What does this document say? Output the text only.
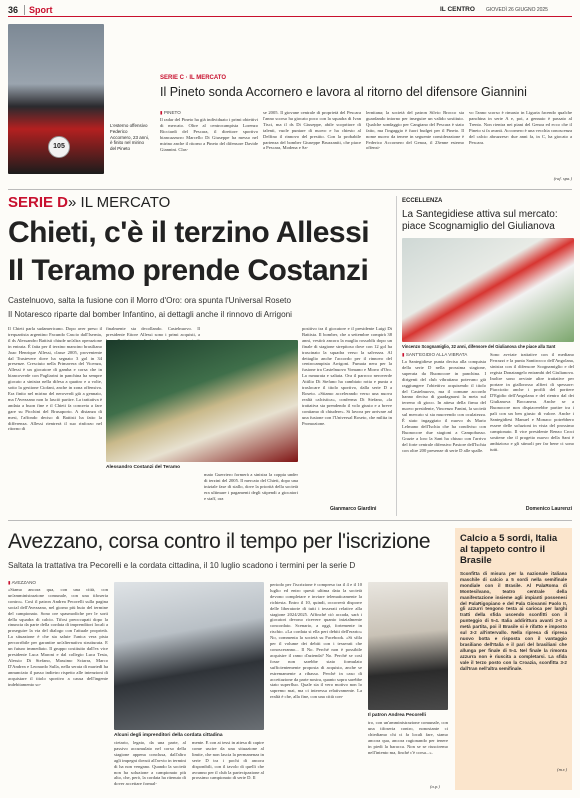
36	Sport	IL CENTRO GIOVEDÌ 26 GIUGNO 2025
105
L'esterno offensivo Federico Accornero, 23 anni, è finito nel mirino del Pineto
SERIE C · IL MERCATO
Il Pineto sonda Accornero e lavora al ritorno del difensore Giannini
▮ PINETO
Il radar del Pineto ha già individuato i primi obiettivi di mercato. Oltre al centrocampista Lorenzo Ricciardi del Pescara, il direttore sportivo biancazzurro Marcello Di Giuseppe ha messo nel mirino anche il ritorno a Pineto del difensore Davide Giannini. Clas-
se 2005. Il giovane centrale di proprietà del Pescara l'anno scorso ha giocato poco con la squadra di Ivan Tisci, ma il ds Di Giuseppe, abile scopritore di talenti, vuole puntare di nuovo e ha chiesto al Delfino il rinnovo del prestito. Con la probabile partenza del bomber Giuseppe Bruzzaniti, che piace a Pescara, Modena e Sa-
lernitana; la società del patron Silvio Brocco sta guardando intorno per inseguire un valido sostituto. Qualche sondaggio per Cangiano del Pescara è stato fatto, ma l'ingaggio è fuori budget per il Pineto. Il nome nuovo da tenere in seguente considerazione è Federico Accornero del Genoa, il 23enne esterno offensi-
vo l'anno scorso è rimasto in Liguria facendo qualche panchina in serie A e, poi, a gennaio è passato al Trento. Non rientra nei piani del Genoa ed ecco che il Pineto si fa avanti. Accornero è una vecchia conoscenza del calcio abruzzese: due anni fa, in C, ha giocato a Pescara.
(raf. spa.)
SERIE D» IL MERCATO
Chieti, c'è il terzino Allessi
Il Teramo prende Costanzi
Castelnuovo, salta la fusione con il Morro d'Oro: ora spunta l'Universal Roseto
Il Notaresco riparte dal bomber Infantino, ai dettagli anche il rinnovo di Arrigoni
Il Chieti parla sudamericano. Dopo aver preso il trequartista argentino Facundo Cascio dall'Isernia, il ds Alessandro Battisti chiude un'altra operazione in entrata. È fatta per il terzino mancino brasiliano Joao Henrique Allessi, classe 2005, proveniente dal Trastevere dove ha segnato 3 gol in 34 presenze. Cresciuto nella Primavera del Vicenza, Allessi è un giocatore di gamba e corsa che in biancoverde con Pagliarini in panchina ha sempre giocato a sinistra nella difesa a quattro e a volte, sotto la gestione Ciofani, anche in zona offensiva. Era finito nel mirino del neroverdi già a gennaio, ma l'Avezzano non lo lasciò partire. La trattativa è andata a buon fine e il Chieti fa concreta a fare gare su Picchini del Brusaporto. A distanza di mesi, l'affondo deciso di Battisti ha fatto la differenza. Allessi rientrerà il suo rinforzo nel ritorno di
finalmente sta decollando. Castelnuovo. Il presidente Ettore Allessi sono i primi acquisti, a
Alessandro Costanzi del Teramo
mato Guerriero formerà a sinistra la coppia under di terzini del 2005. Il mercato del Chieti, dopo una iniziale fase di stallo, dove la priorità della società era ultimare i pagamenti degli stipendi a giocatori e staff, ora
positivo tra il giocatore e il presidente Luigi Di Battista. Il bomber, che a settembre compirà 38 anni, vestirà ancora la maglia rossoblù dopo un finale di stagione strepitoso dove con 12 gol ha trascinato la squadra verso la salvezza. Al dettaglio anche l'accordo per il rinnovo del centrocampista Arrigoni. Fumata nera per la fusione tra Castelnuovo Vomano e Morro d'Oro. La rumurata e saltata. Ora il parroco neroverde Attilio Di Stefano ha cambiato rotta e punta a traslocare il titolo sportivo, dalla serie D a Roseto. «Stiamo accelerando verso una nuova realtà calcistica», conferma Di Stefano, «la trattativa sta prendendo il volo giusto e a breve contiamo di chiudere». Si lavora per arrivare ad una fusione con l'Universal Roseto, che milita in Promozione.
Gianmarco Giardini
ECCELLENZA
La Santegidiese attiva sul mercato: piace Scognamiglio del Giulianova
Vincenzo Scognamiglio, 32 anni, difensore del Giulianova che piace alla Sant
▮ SANT'EGIDIO ALLA VIBRATA
La Santegidiese punta decisa alla conquista della serie D nella prossima stagione, superata da Buonocore in panchina. I dirigenti del club vibratiano potevano già raggiungere l'obiettivo acquisendo il titolo del Castelnuovo, ma il comune accordo hanno deciso di guadagnarsi la meta sul terreno di gioco. In attesa della firma del nuovo presidente, Vincenzo Fanini, la società sul mercato si sta muovendo con oculatezza. È stato ingaggiato il nuovo ds Mario Lelmano dell'Ischia che ha condiviso con Buonocore due stagioni a Campobasso. Grazie a loro la Sant ha chiuso con l'arrivo del forte centrale difensivo Pastore dell'Ischia con oltre 200 presenze di serie D alle spalle.
Sono avviate trattative con il mediano Ferrazzi e la punta Santirocco dell'Angolana, sinistra con il difensore Scognamiglio e del regista Donatangelo entrambi del Giulianova. Inoltre sono avviate altre trattative per portare in giallorosso alfieri di spessore: Piacciotto anche i profili del portiere D'Egidio dell'Angolana e del rientro dal dei Giulianova Boccanera. Anche se a Buonocore non dispiacerebbe partire tra i pali con un ben giusto di valore. Anche i Santegidiesi Manuel e Monaco potrebbero essere delle soluzioni in vista del prossimo campionato. Il vice presidente Renzo Croci sostiene che il progetto nuovo della Sant è ambizioso e gli stimoli per far bene ci sono tutti.
Domenico Laurenzi
Avezzano, corsa contro il tempo per l'iscrizione
Saltata la trattativa tra Pecorelli e la cordata cittadina, il 10 luglio scadono i termini per la serie D
▮ AVEZZANO
«Siamo ancora qua, con una città, con un'amministrazione comunale, con una tifoseria contro». Così il patron Andrea Pecorelli sulla pagina social dell'Avezzano, nel giorno più buio del termine del campionato. Sono ore spasmodiche per le sorti della squadra di calcio. Tifosi preoccupati dopo la rinuncia da parte della cordata di imprenditori locali a proseguire la via del dialogo con l'attuale proprietà. La situazione è che sta salute l'unica vera pista percorribile per garantire un'alternativa strutturata. E un futuro immediato. Il gruppo costituito dall'ex vice presidente Luca Maroni e dal collegio Luca Testa, Alessio Di Stefano, Massimo Sciarra, Marco D'Andrea e Leonardo Sulla, nella serata di martedì ha annunciato il passo indietro rispetto alle intenzioni di acquistare il titolo sportivo a causa dell'ingente indebitamento so-
Alcuni degli imprenditori della cordata cittadina
cietario, legato, da una parte, al passivo accumulato nel corso della stagione appena conclusa, dall'altro agli impegni dovuti all'avvio in termini di ha non vengano. Quando la società non ha soluzione a campionato più alto, che, però, la cordata ha ritenuto di dover accettare formal-
mente. E con ai tessi in attesa di capire come uscire da una situazione al limite, che non lascia la permanenza in serie D tra i pochi di ancora disponibili, con il tavolo di quelli che avranno per il club la partecipazione al prossimo campionato di serie D. Il
periodo per l'iscrizione è compreso tra il 4 e il 10 luglio ed entro questi ultima data la società devono completare e inviare telematicamente la richiesta. Entro il 10, quindi, occorrerà disporre delle liberatorie di tutti i tesserati relative alla stagione 2024/2025. Affinché ciò accada, sarà i giocatori devono ricevere quanto inizialmente concordato. Scenario, a oggi, fortemente in rischio. «La cordata si ella peri debiti dell'erario» No, commenta la società su Facebook. «Si sfila per il volume dei debiti con i tesserati che conosceranno... Il No. Perché non è possibile acquisire il ramo d'azienda? No. Perché se così fosse non sarebbe stato formulato sufficientemente proposta di acquisto, anche se estremamente a ribasso. Perché in caso di accettazione da parte nostra, quanto sopra sarebbe stato superfluo. Quale sia il vero motivo non lo sapremo mai, ma ci interessa relativamente. La realtà è che, alla fine, con una città con-
Il patron Andrea Pecorelli
tro, con un'amministrazione comunale, con una tifoseria contro, nonostante ci chiediamo chi ci fa locali fare, siamo ancora qua, ancora ragionando per tenere in piedi la baracca. Non se se riusciremo nell'intento ma, finché c'è corsa...».
(a.p.)
Calcio a 5 sordi, Italia al tappeto contro il Brasile
Sconfitta di misura per la nazionale italiana maschile di calcio a 5 sordi nella semifinale mondiale con il Brasile. Al PalaRoma di Montesilvano, teatro centrale della manifestazione insieme agli impianti possenesi del PalaRigopiano e del Pala Giovanni Paolo II, gli azzurri tengono testa ai carioca per larghi tratti della sfida uscendo sconfitti con il punteggio di 5-4. Italia addirittura avanti 2-0 a metà partita, poi il Brasile si è rifatto e imposto sul 3-2 all'intervallo. Nella ripresa di ripresa nuovo botta e risposta con il vantaggio brasiliano dell'Italia e il pari del brasiliani che allunga per finale di 5-4. Nel finale la rimonta azzurra non è riuscita a completarsi. La sfida vale il terzo posto con la Croazia, sconfitta 3-2 dall'Iran nell'altra semifinale.
(m.r.)
